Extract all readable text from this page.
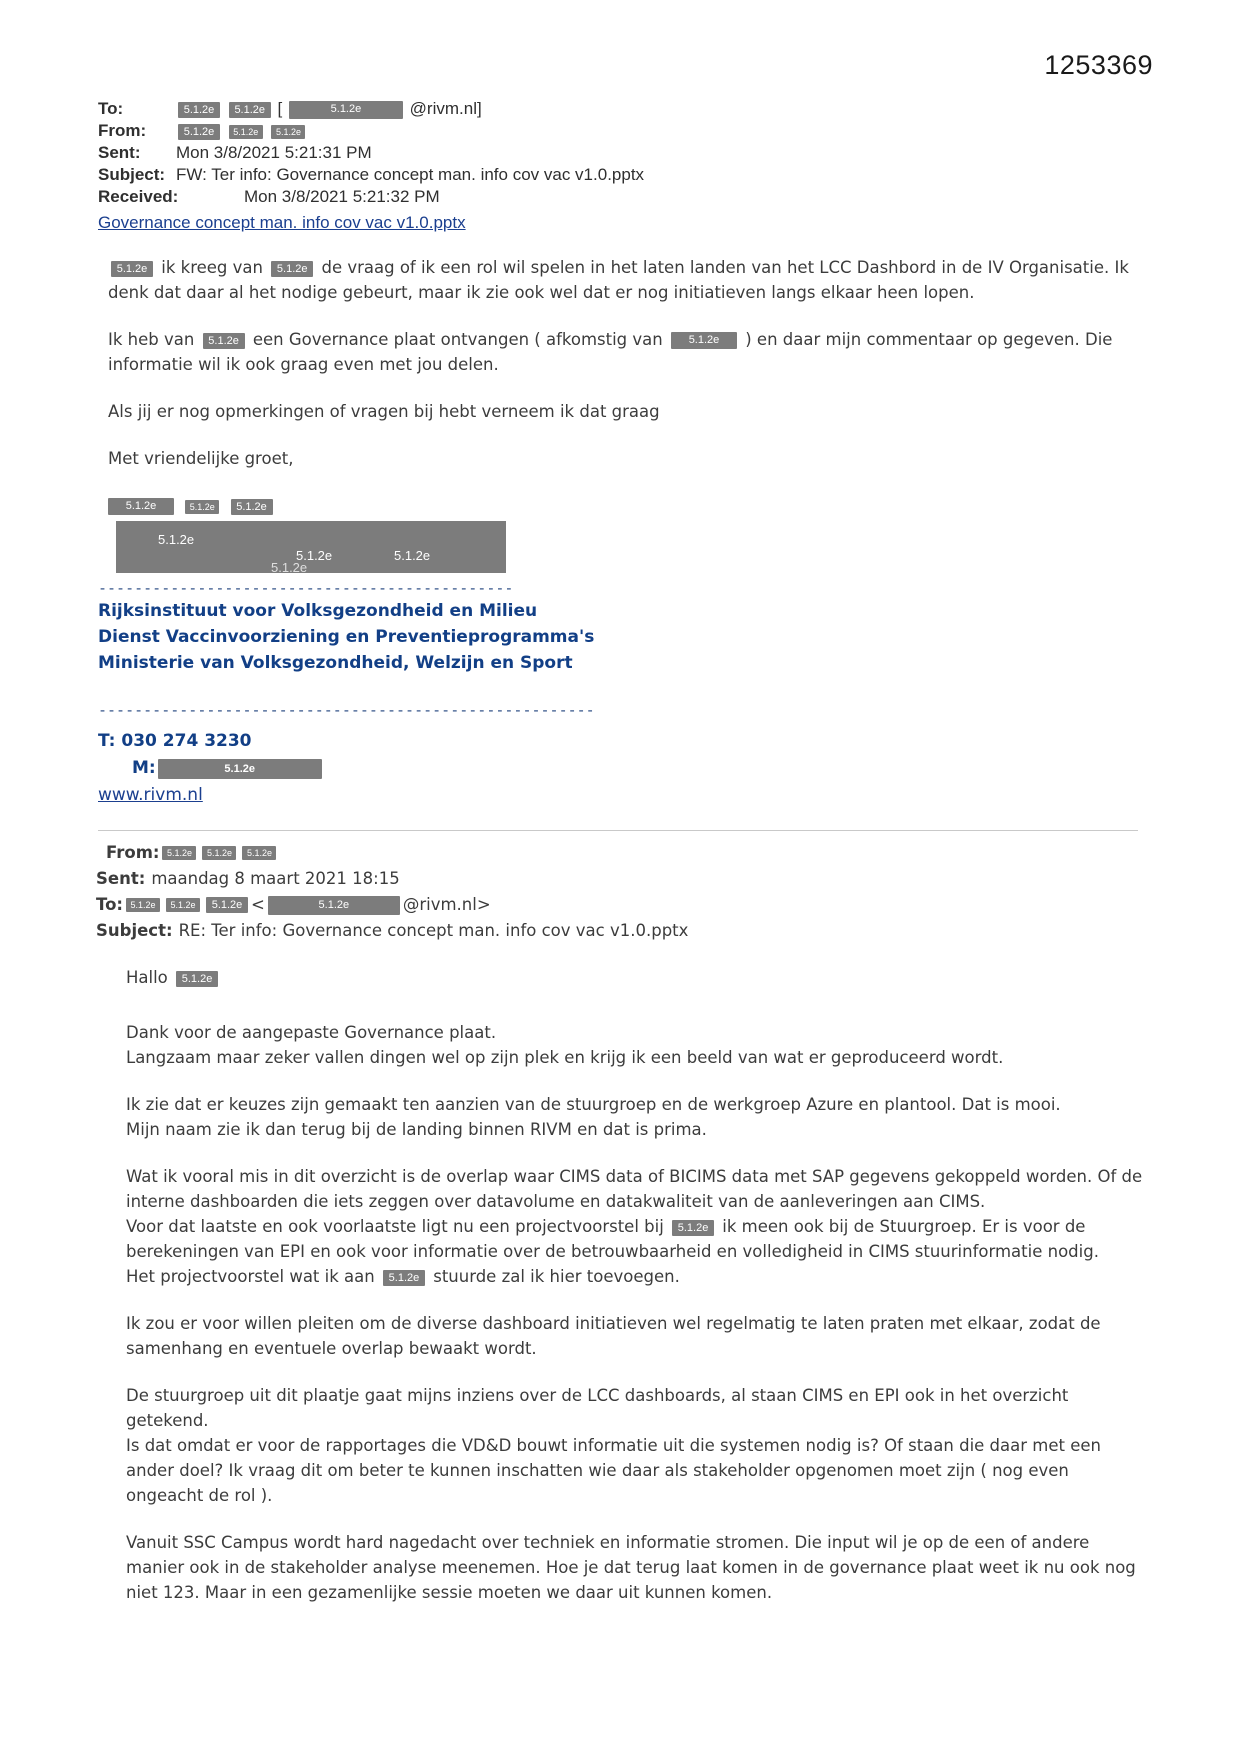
1253369
To:	5.1.2e 5.1.2e [	5.1.2e	@rivm.nl]
From:	5.1.2e 5.1.2e 5.1.2e
Sent:	Mon 3/8/2021 5:21:31 PM
Subject: FW: Ter info: Governance concept man. info cov vac v1.0.pptx
Received:	Mon 3/8/2021 5:21:32 PM
Governance concept man. info cov vac v1.0.pptx

5.1.2e ik kreeg van 5.1.2e de vraag of ik een rol wil spelen in het laten landen van het LCC Dashbord in de IV Organisatie. Ik denk dat daar al het nodige gebeurt, maar ik zie ook wel dat er nog initiatieven langs elkaar heen lopen.

Ik heb van 5.1.2e een Governance plaat ontvangen ( afkomstig van 5.1.2e ) en daar mijn commentaar op gegeven. Die informatie wil ik ook graag even met jou delen.

Als jij er nog opmerkingen of vragen bij hebt verneem ik dat graag

Met vriendelijke groet,

5.1.2e	5.1.2e 5.1.2e
5.1.2e
5.1.2e
5.1.2e
5.1.2e
----------------------------------------------
Rijksinstituut voor Volksgezondheid en Milieu
Dienst Vaccinvoorziening en Preventieprogramma's
Ministerie van Volksgezondheid, Welzijn en Sport
-------------------------------------------------------
T: 030 274 3230
M:	5.1.2e
www.rivm.nl
From: 5.1.2e	5.1.2e	5.1.2e
Sent: maandag 8 maart 2021 18:15
To: 5.1.2e	5.1.2e	5.1.2e <	5.1.2e	@rivm.nl>
Subject: RE: Ter info: Governance concept man. info cov vac v1.0.pptx

Hallo 5.1.2e

Dank voor de aangepaste Governance plaat.

Langzaam maar zeker vallen dingen wel op zijn plek en krijg ik een beeld van wat er geproduceerd wordt.

Ik zie dat er keuzes zijn gemaakt ten aanzien van de stuurgroep en de werkgroep Azure en plantool. Dat is mooi.

Mijn naam zie ik dan terug bij de landing binnen RIVM en dat is prima.

Wat ik vooral mis in dit overzicht is de overlap waar CIMS data of BICIMS data met SAP gegevens gekoppeld worden. Of de interne dashboarden die iets zeggen over datavolume en datakwaliteit van de aanleveringen aan CIMS.

Voor dat laatste en ook voorlaatste ligt nu een projectvoorstel bij 5.1.2e ik meen ook bij de Stuurgroep. Er is voor de berekeningen van EPI en ook voor informatie over de betrouwbaarheid en volledigheid in CIMS stuurinformatie nodig.

Het projectvoorstel wat ik aan 5.1.2e stuurde zal ik hier toevoegen.

Ik zou er voor willen pleiten om de diverse dashboard initiatieven wel regelmatig te laten praten met elkaar, zodat de samenhang en eventuele overlap bewaakt wordt.

De stuurgroep uit dit plaatje gaat mijns inziens over de LCC dashboards, al staan CIMS en EPI ook in het overzicht getekend.

Is dat omdat er voor de rapportages die VD&D bouwt informatie uit die systemen nodig is? Of staan die daar met een ander doel? Ik vraag dit om beter te kunnen inschatten wie daar als stakeholder opgenomen moet zijn ( nog even ongeacht de rol ).

Vanuit SSC Campus wordt hard nagedacht over techniek en informatie stromen. Die input wil je op de een of andere manier ook in de stakeholder analyse meenemen. Hoe je dat terug laat komen in de governance plaat weet ik nu ook nog niet 123. Maar in een gezamenlijke sessie moeten we daar uit kunnen komen.
